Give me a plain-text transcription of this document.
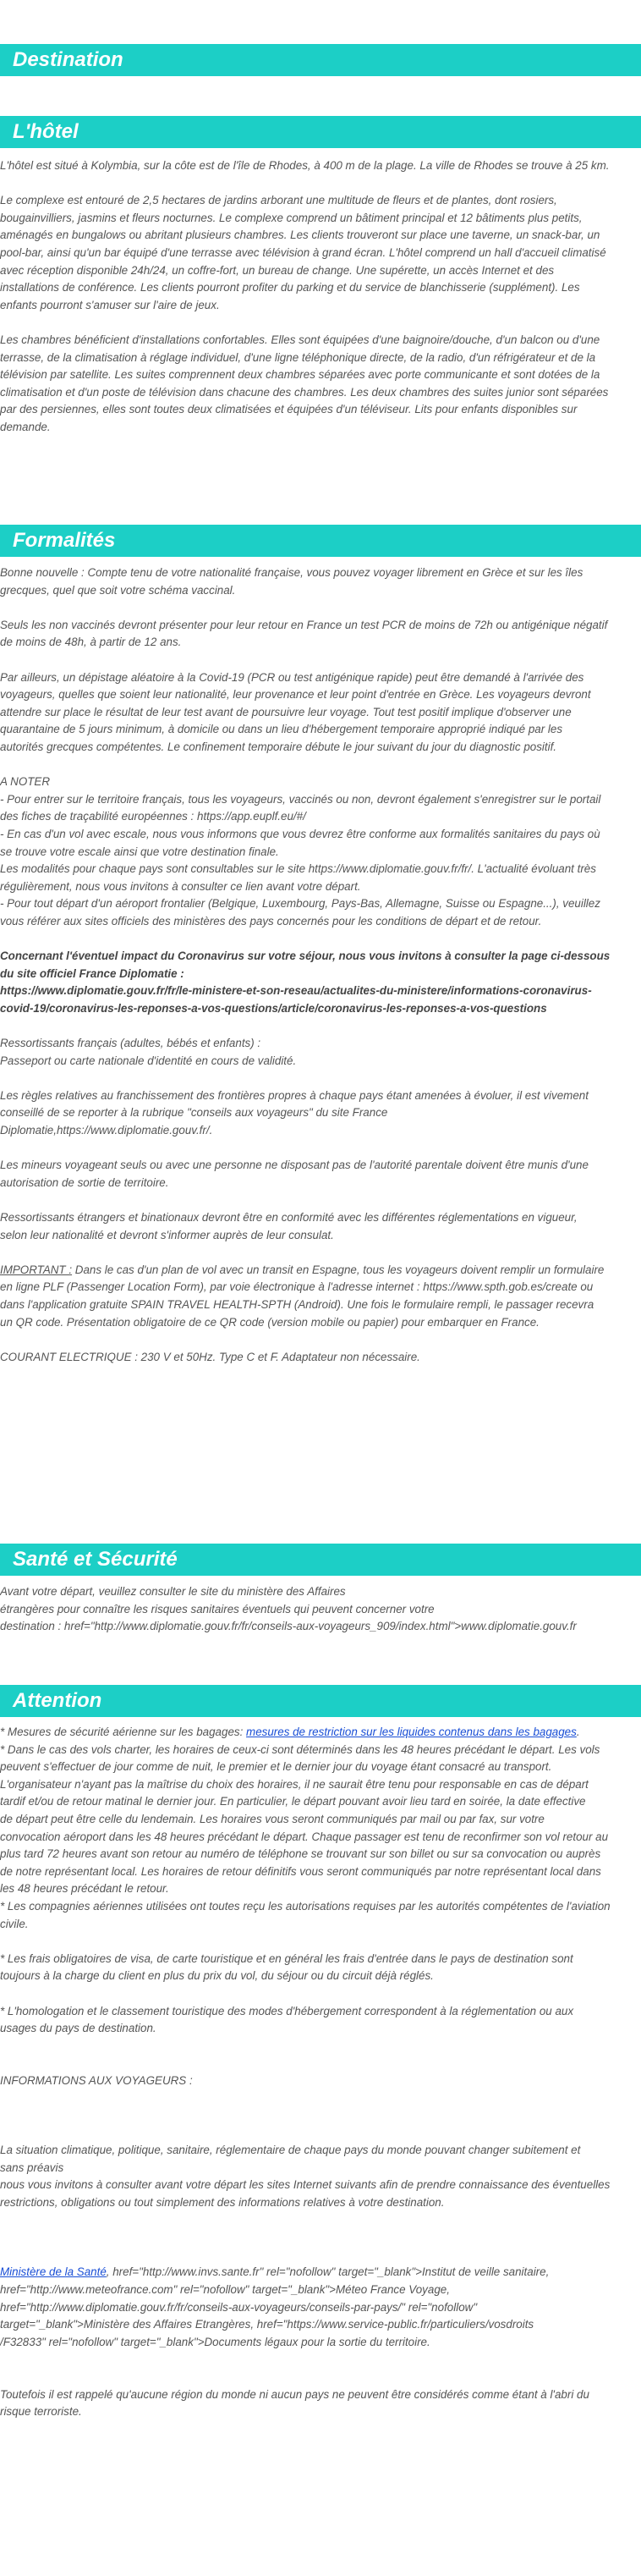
Destination
L'hôtel
L'hôtel est situé à Kolymbia, sur la côte est de l'île de Rhodes, à 400 m de la plage. La ville de Rhodes se trouve à 25 km.
Le complexe est entouré de 2,5 hectares de jardins arborant une multitude de fleurs et de plantes, dont rosiers,
bougainvilliers, jasmins et fleurs nocturnes. Le complexe comprend un bâtiment principal et 12 bâtiments plus petits,
aménagés en bungalows ou abritant plusieurs chambres. Les clients trouveront sur place une taverne, un snack-bar, un
pool-bar, ainsi qu'un bar équipé d'une terrasse avec télévision à grand écran. L'hôtel comprend un hall d'accueil climatisé
avec réception disponible 24h/24, un coffre-fort, un bureau de change. Une supérette, un accès Internet et des
installations de conférence. Les clients pourront profiter du parking et du service de blanchisserie (supplément). Les
enfants pourront s'amuser sur l'aire de jeux.
Les chambres bénéficient d'installations confortables. Elles sont équipées d'une baignoire/douche, d'un balcon ou d'une
terrasse, de la climatisation à réglage individuel, d'une ligne téléphonique directe, de la radio, d'un réfrigérateur et de la
télévision par satellite. Les suites comprennent deux chambres séparées avec porte communicante et sont dotées de la
climatisation et d'un poste de télévision dans chacune des chambres. Les deux chambres des suites junior sont séparées
par des persiennes, elles sont toutes deux climatisées et équipées d'un téléviseur. Lits pour enfants disponibles sur
demande.
Formalités
Bonne nouvelle : Compte tenu de votre nationalité française, vous pouvez voyager librement en Grèce et sur les îles
grecques, quel que soit votre schéma vaccinal.
Seuls les non vaccinés devront présenter pour leur retour en France un test PCR de moins de 72h ou antigénique négatif
de moins de 48h, à partir de 12 ans.
Par ailleurs, un dépistage aléatoire à la Covid-19 (PCR ou test antigénique rapide) peut être demandé à l'arrivée des
voyageurs, quelles que soient leur nationalité, leur provenance et leur point d'entrée en Grèce. Les voyageurs devront
attendre sur place le résultat de leur test avant de poursuivre leur voyage. Tout test positif implique d'observer une
quarantaine de 5 jours minimum, à domicile ou dans un lieu d'hébergement temporaire approprié indiqué par les
autorités grecques compétentes. Le confinement temporaire débute le jour suivant du jour du diagnostic positif.
A NOTER
- Pour entrer sur le territoire français, tous les voyageurs, vaccinés ou non, devront également s'enregistrer sur le portail
des fiches de traçabilité européennes : https://app.euplf.eu/#/
- En cas d'un vol avec escale, nous vous informons que vous devrez être conforme aux formalités sanitaires du pays où
se trouve votre escale ainsi que votre destination finale.
Les modalités pour chaque pays sont consultables sur le site https://www.diplomatie.gouv.fr/fr/. L'actualité évoluant très
régulièrement, nous vous invitons à consulter ce lien avant votre départ.
- Pour tout départ d'un aéroport frontalier (Belgique, Luxembourg, Pays-Bas, Allemagne, Suisse ou Espagne...), veuillez
vous référer aux sites officiels des ministères des pays concernés pour les conditions de départ et de retour.
Concernant l'éventuel impact du Coronavirus sur votre séjour, nous vous invitons à consulter la page ci-dessous
du site officiel France Diplomatie :
https://www.diplomatie.gouv.fr/fr/le-ministere-et-son-reseau/actualites-du-ministere/informations-coronavirus-
covid-19/coronavirus-les-reponses-a-vos-questions/article/coronavirus-les-reponses-a-vos-questions
Ressortissants français (adultes, bébés et enfants) :
Passeport ou carte nationale d'identité en cours de validité.
Les règles relatives au franchissement des frontières propres à chaque pays étant amenées à évoluer, il est vivement
conseillé de se reporter à la rubrique "conseils aux voyageurs" du site France
Diplomatie,https://www.diplomatie.gouv.fr/.
Les mineurs voyageant seuls ou avec une personne ne disposant pas de l'autorité parentale doivent être munis d'une
autorisation de sortie de territoire.
Ressortissants étrangers et binationaux devront être en conformité avec les différentes réglementations en vigueur,
selon leur nationalité et devront s'informer auprès de leur consulat.
IMPORTANT : Dans le cas d'un plan de vol avec un transit en Espagne, tous les voyageurs doivent remplir un formulaire
en ligne PLF (Passenger Location Form), par voie électronique à l'adresse internet : https://www.spth.gob.es/create ou
dans l'application gratuite SPAIN TRAVEL HEALTH-SPTH (Android). Une fois le formulaire rempli, le passager recevra
un QR code. Présentation obligatoire de ce QR code (version mobile ou papier) pour embarquer en France.
COURANT ELECTRIQUE : 230 V et 50Hz. Type C et F. Adaptateur non nécessaire.
Santé et Sécurité
Avant votre départ, veuillez consulter le site du ministère des Affaires
étrangères pour connaître les risques sanitaires éventuels qui peuvent concerner votre
destination : href="http://www.diplomatie.gouv.fr/fr/conseils-aux-voyageurs_909/index.html">www.diplomatie.gouv.fr
Attention
* Mesures de sécurité aérienne sur les bagages: mesures de restriction sur les liquides contenus dans les bagages.
* Dans le cas des vols charter, les horaires de ceux-ci sont déterminés dans les 48 heures précédant le départ. Les vols
peuvent s'effectuer de jour comme de nuit, le premier et le dernier jour du voyage étant consacré au transport.
L'organisateur n'ayant pas la maîtrise du choix des horaires, il ne saurait être tenu pour responsable en cas de départ
tardif et/ou de retour matinal le dernier jour. En particulier, le départ pouvant avoir lieu tard en soirée, la date effective
de départ peut être celle du lendemain. Les horaires vous seront communiqués par mail ou par fax, sur votre
convocation aéroport dans les 48 heures précédant le départ. Chaque passager est tenu de reconfirmer son vol retour au
plus tard 72 heures avant son retour au numéro de téléphone se trouvant sur son billet ou sur sa convocation ou auprès
de notre représentant local. Les horaires de retour définitifs vous seront communiqués par notre représentant local dans
les 48 heures précédant le retour.
* Les compagnies aériennes utilisées ont toutes reçu les autorisations requises par les autorités compétentes de l'aviation
civile.
* Les frais obligatoires de visa, de carte touristique et en général les frais d'entrée dans le pays de destination sont
toujours à la charge du client en plus du prix du vol, du séjour ou du circuit déjà réglés.
* L'homologation et le classement touristique des modes d'hébergement correspondent à la réglementation ou aux
usages du pays de destination.
INFORMATIONS AUX VOYAGEURS :
La situation climatique, politique, sanitaire, réglementaire de chaque pays du monde pouvant changer subitement et
sans préavis
nous vous invitons à consulter avant votre départ les sites Internet suivants afin de prendre connaissance des éventuelles
restrictions, obligations ou tout simplement des informations relatives à votre destination.
Ministère de la Santé, href="http://www.invs.sante.fr" rel="nofollow" target="_blank">Institut de veille sanitaire,
href="http://www.meteofrance.com" rel="nofollow" target="_blank">Méteo France Voyage,
href="http://www.diplomatie.gouv.fr/fr/conseils-aux-voyageurs/conseils-par-pays/" rel="nofollow"
target="_blank">Ministère des Affaires Etrangères, href="https://www.service-public.fr/particuliers/vosdroits
/F32833" rel="nofollow" target="_blank">Documents légaux pour la sortie du territoire.
Toutefois il est rappelé qu'aucune région du monde ni aucun pays ne peuvent être considérés comme étant à l'abri du
risque terroriste.
